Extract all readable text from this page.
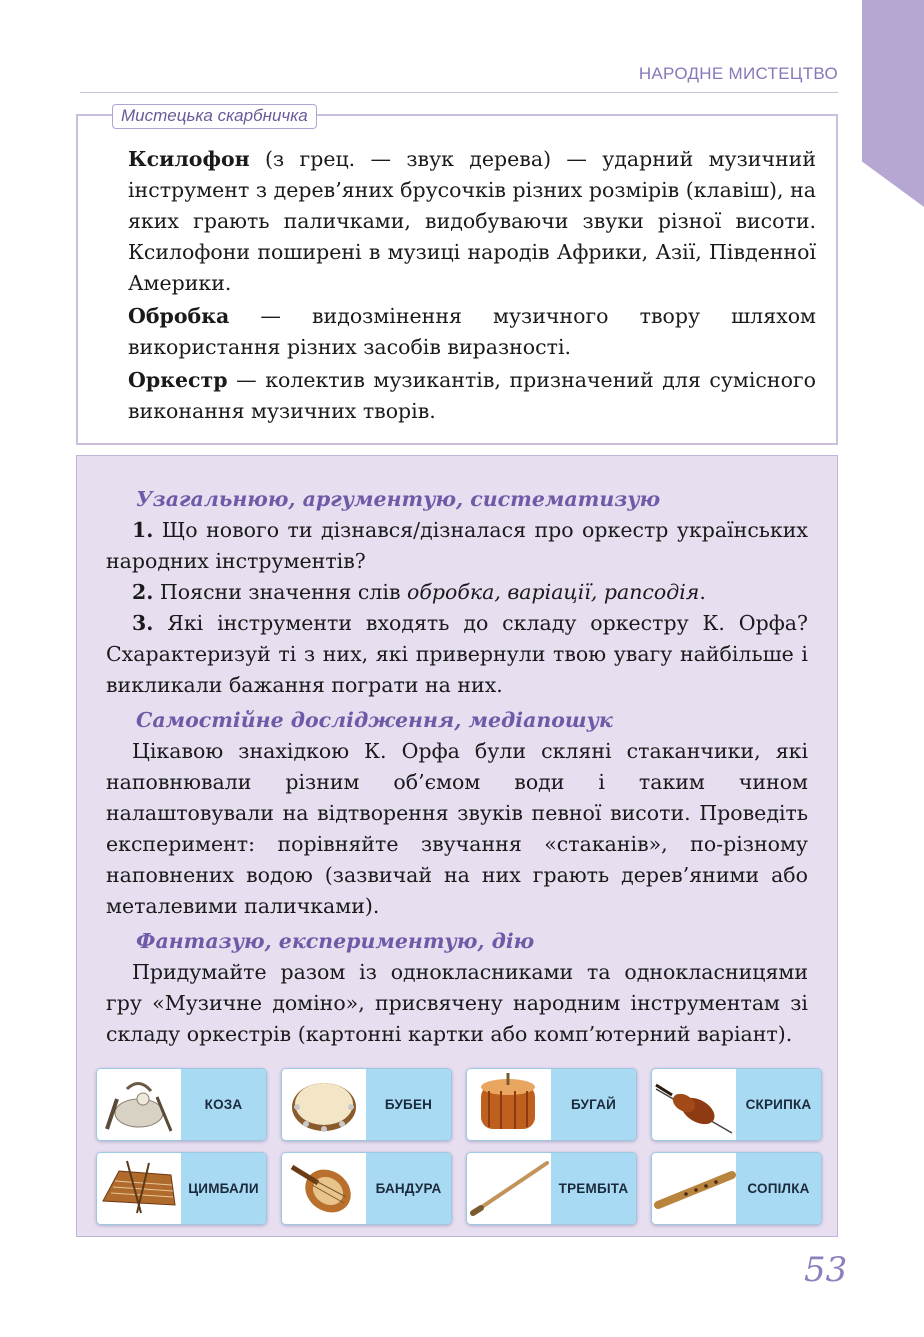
НАРОДНЕ МИСТЕЦТВО
Мистецька скарбничка

Ксилофон (з грец. — звук дерева) — ударний музичний інструмент з дерев’яних брусочків різних розмірів (клавіш), на яких грають паличками, видобуваючи звуки різної висоти. Ксилофони поширені в музиці народів Африки, Азії, Південної Америки.

Обробка — видозмінення музичного твору шляхом використання різних засобів виразності.

Оркестр — колектив музикантів, призначений для сумісного виконання музичних творів.

Узагальнюю, аргументую, систематизую

1. Що нового ти дізнався/дізналася про оркестр українських народних інструментів?

2. Поясни значення слів обробка, варіації, рапсодія.

3. Які інструменти входять до складу оркестру К. Орфа? Схарактеризуй ті з них, які привернули твою увагу найбільше і викликали бажання пограти на них.

Самостійне дослідження, медіапошук

Цікавою знахідкою К. Орфа були скляні стаканчики, які наповнювали різним об’ємом води і таким чином налаштовували на відтворення звуків певної висоти. Проведіть експеримент: порівняйте звучання «стаканів», по-різному наповнених водою (зазвичай на них грають дерев’яними або металевими паличками).

Фантазую, експериментую, дію

Придумайте разом із однокласниками та однокласницями гру «Музичне доміно», присвячену народним інструментам зі складу оркестрів (картонні картки або комп’ютерний варіант).

КОЗА	БУБЕН	БУГАЙ	СКРИПКА
ЦИМБАЛИ	БАНДУРА	ТРЕМБІТА	СОПІЛКА
53
